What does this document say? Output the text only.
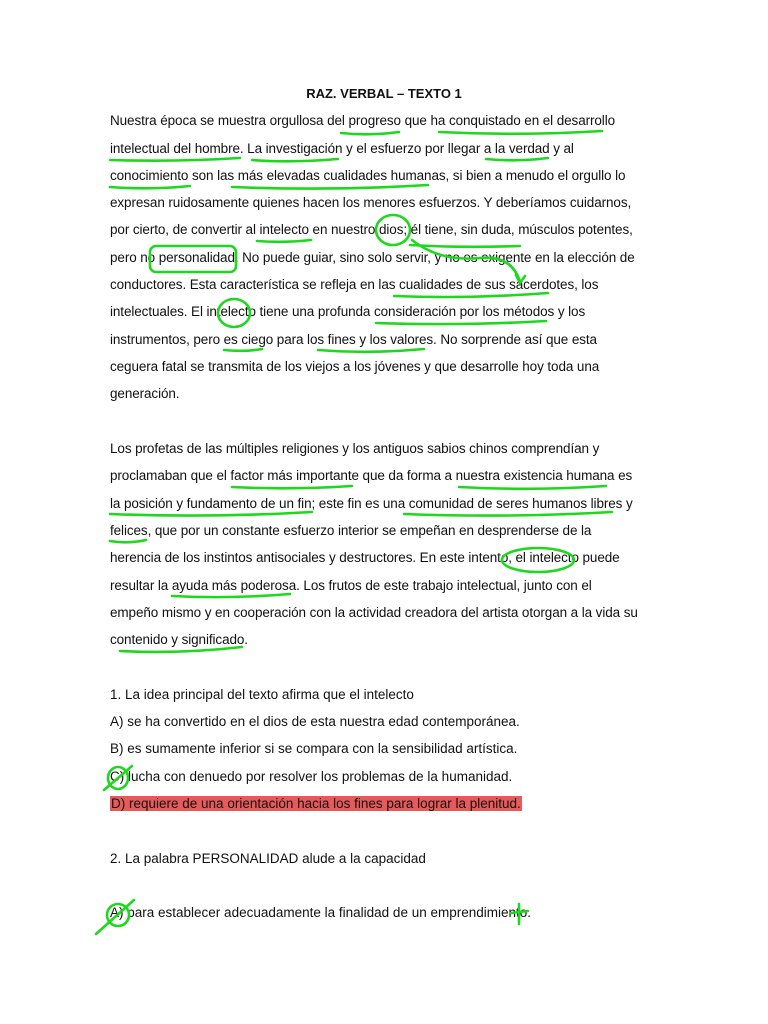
RAZ. VERBAL – TEXTO 1
Nuestra época se muestra orgullosa del progreso que ha conquistado en el desarrollo
intelectual del hombre. La investigación y el esfuerzo por llegar a la verdad y al
conocimiento son las más elevadas cualidades humanas, si bien a menudo el orgullo lo
expresan ruidosamente quienes hacen los menores esfuerzos. Y deberíamos cuidarnos,
por cierto, de convertir al intelecto en nuestro dios; él tiene, sin duda, músculos potentes,
pero no personalidad. No puede guiar, sino solo servir, y no es exigente en la elección de
conductores. Esta característica se refleja en las cualidades de sus sacerdotes, los
intelectuales. El intelecto tiene una profunda consideración por los métodos y los
instrumentos, pero es ciego para los fines y los valores. No sorprende así que esta
ceguera fatal se transmita de los viejos a los jóvenes y que desarrolle hoy toda una
generación.
Los profetas de las múltiples religiones y los antiguos sabios chinos comprendían y
proclamaban que el factor más importante que da forma a nuestra existencia humana es
la posición y fundamento de un fin; este fin es una comunidad de seres humanos libres y
felices, que por un constante esfuerzo interior se empeñan en desprenderse de la
herencia de los instintos antisociales y destructores. En este intento, el intelecto puede
resultar la ayuda más poderosa. Los frutos de este trabajo intelectual, junto con el
empeño mismo y en cooperación con la actividad creadora del artista otorgan a la vida su
contenido y significado.
1. La idea principal del texto afirma que el intelecto
A) se ha convertido en el dios de esta nuestra edad contemporánea.
B) es sumamente inferior si se compara con la sensibilidad artística.
C) lucha con denuedo por resolver los problemas de la humanidad.
D) requiere de una orientación hacia los fines para lograr la plenitud.
2. La palabra PERSONALIDAD alude a la capacidad
A) para establecer adecuadamente la finalidad de un emprendimiento.
